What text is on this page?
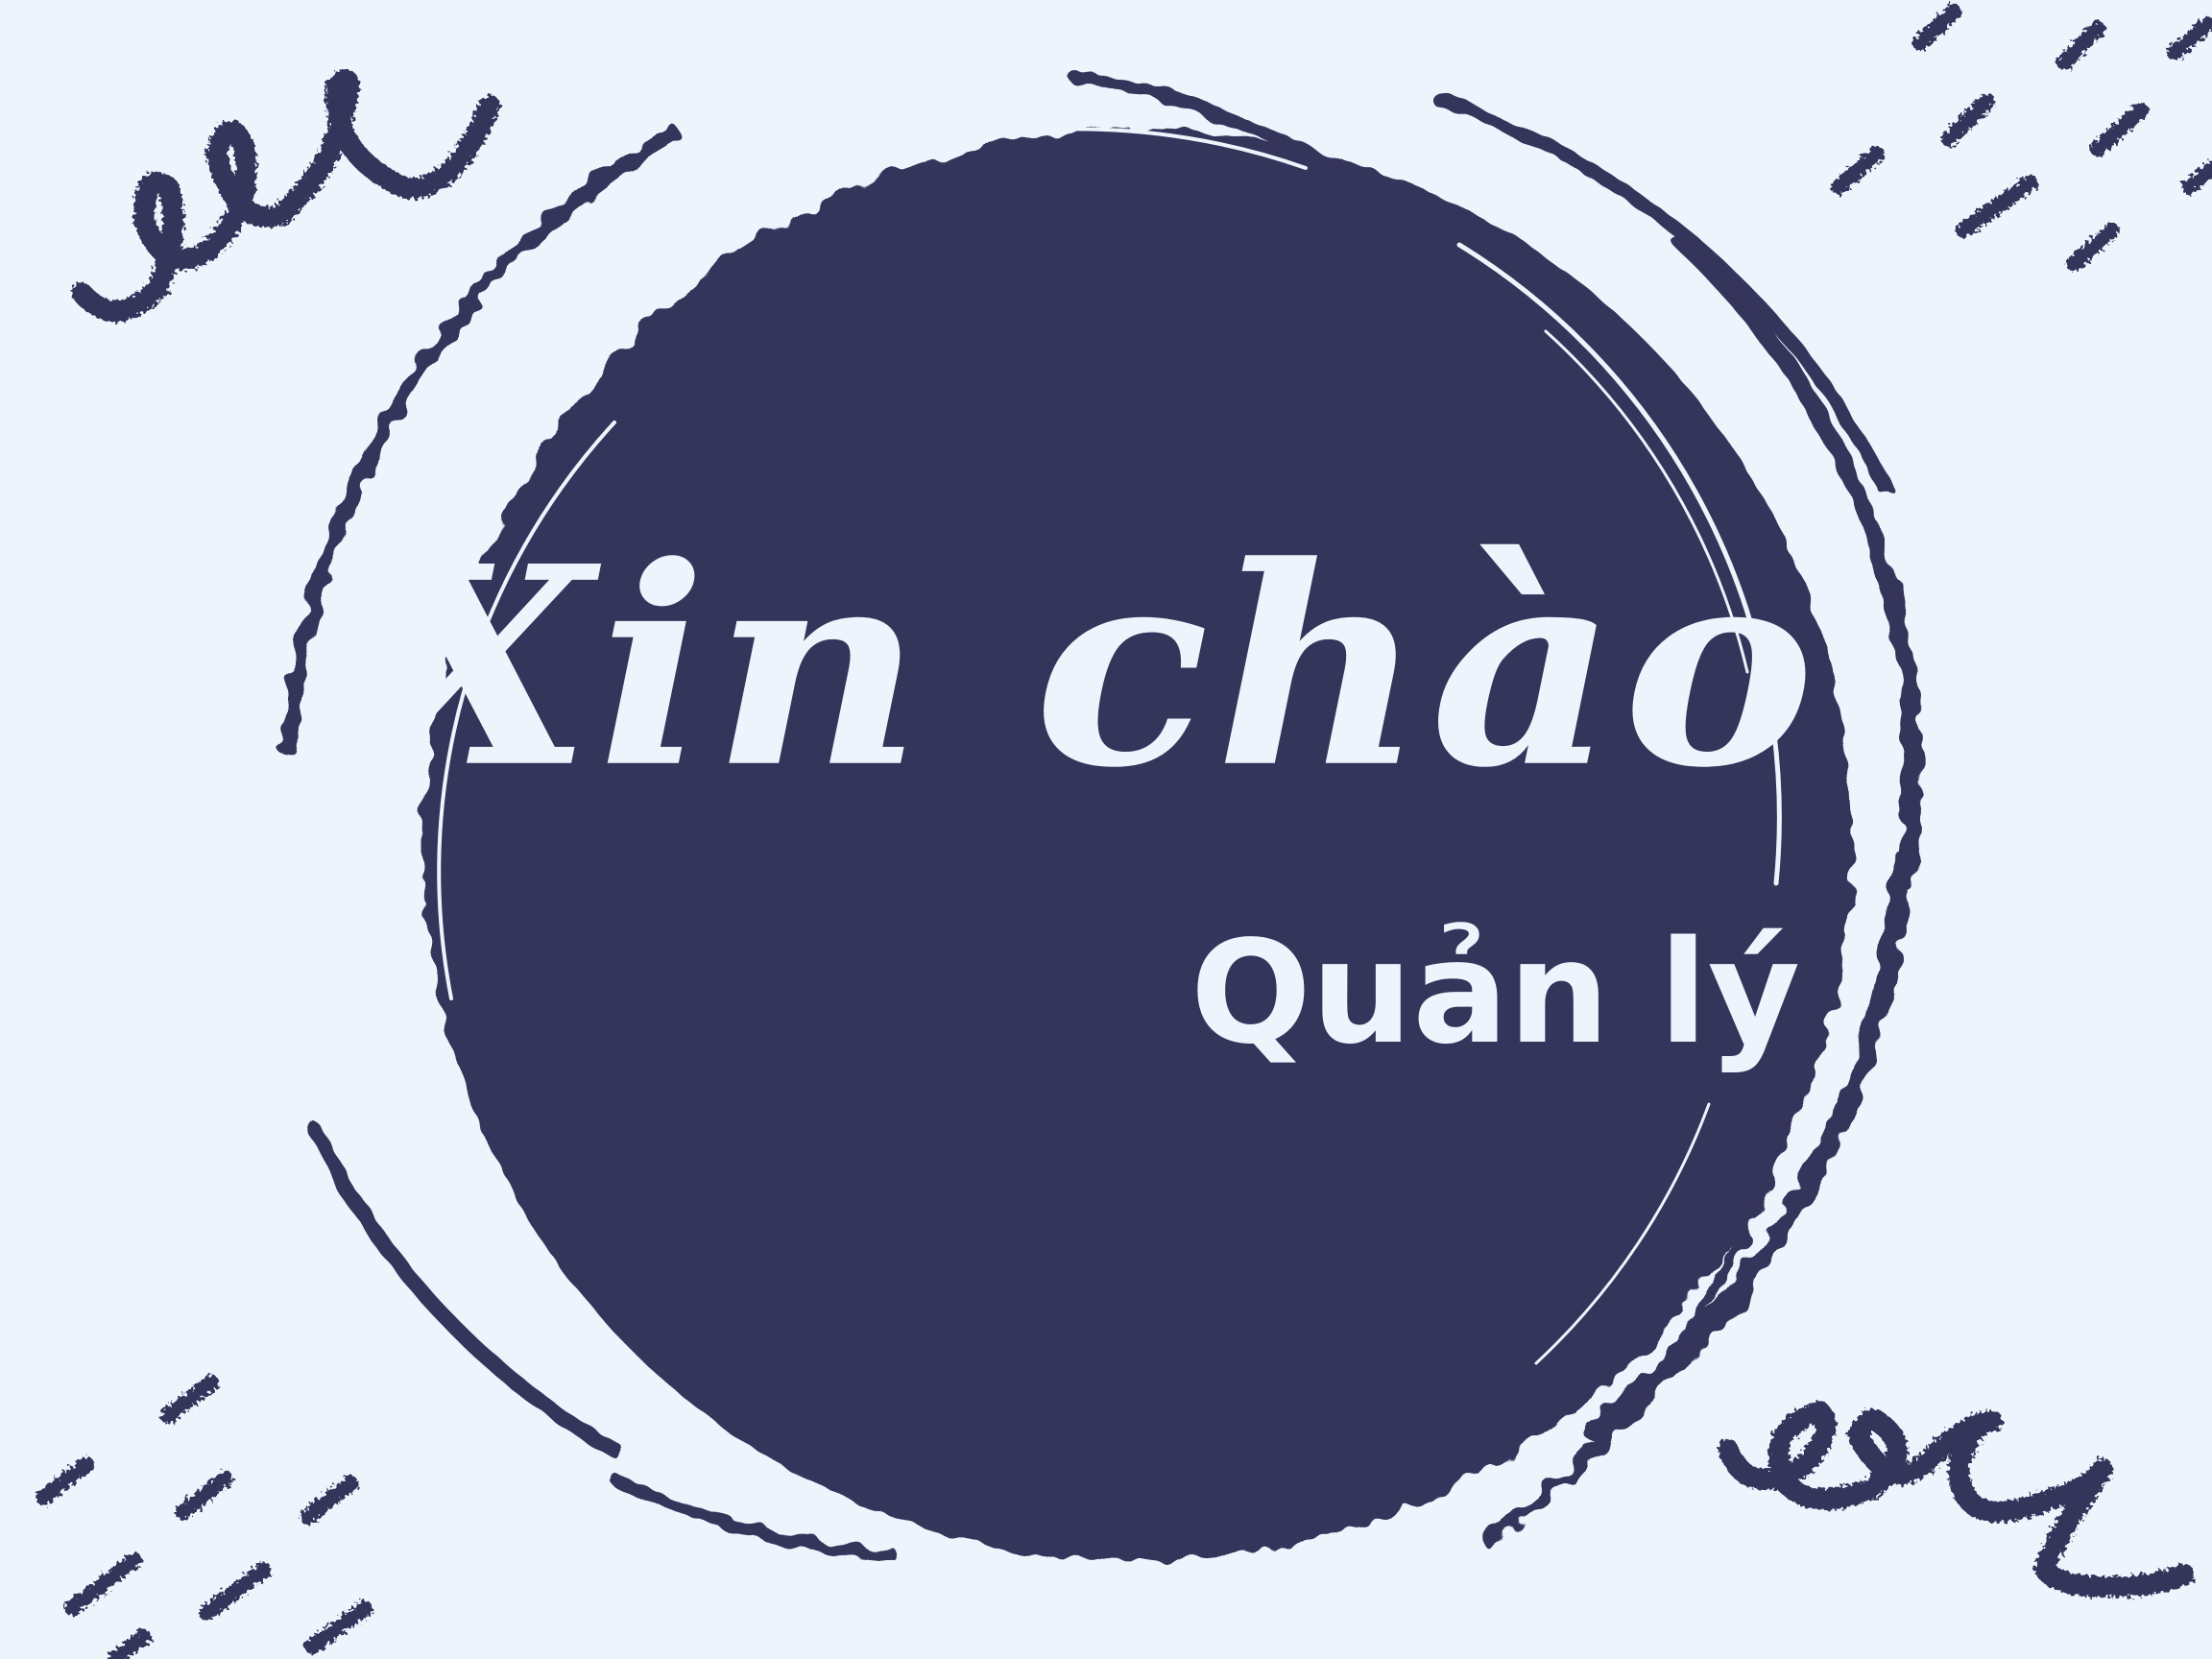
Xin chào
Quản lý
